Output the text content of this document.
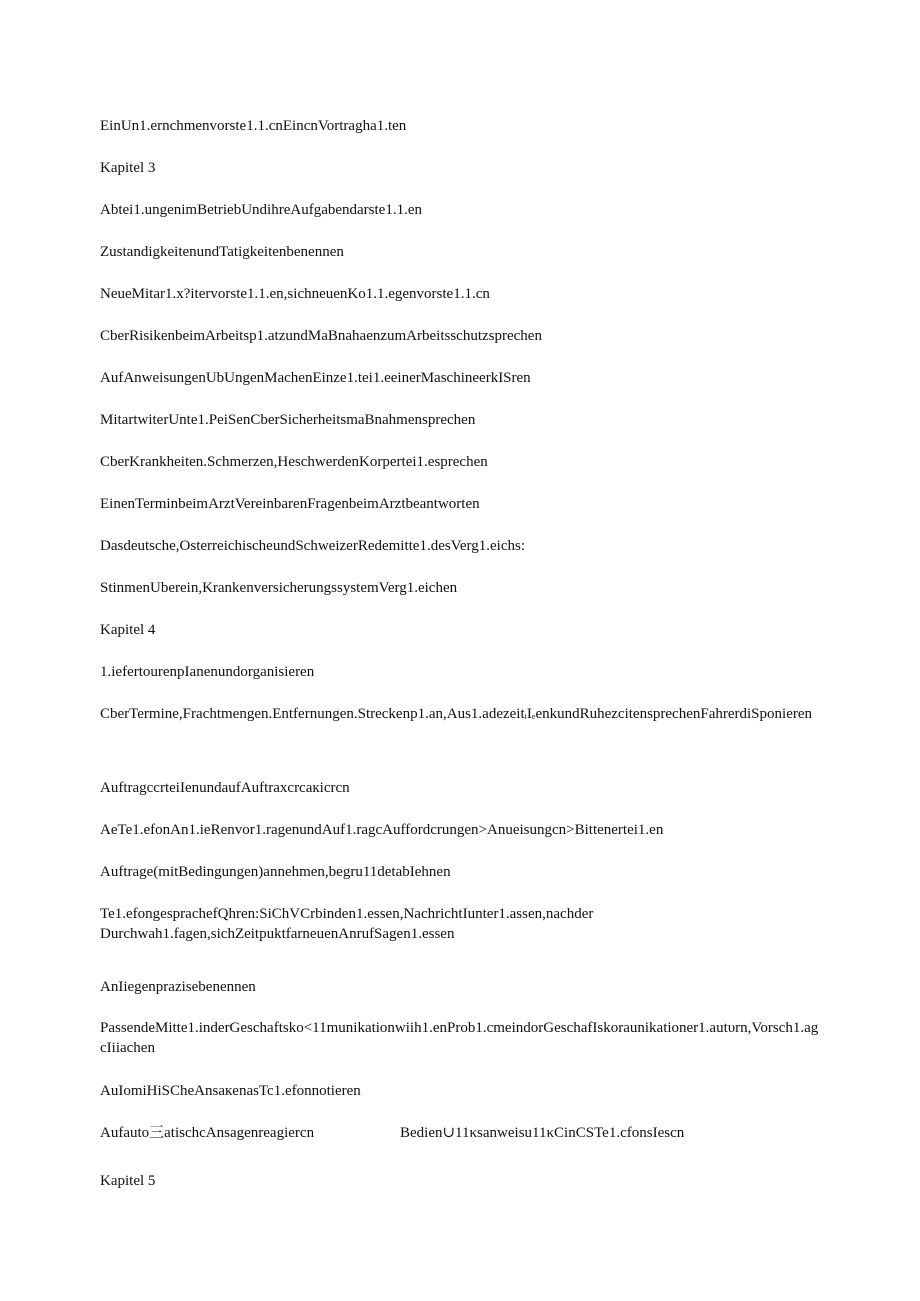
EinUn1.ernchmenvorste1.1.cnEincnVortragha1.ten
Kapitel 3
Abtei1.ungenimBetriebUndihreAufgabendarste1.1.en
ZustandigkeitenundTatigkeitenbenennen
NeueMitar1.x?itervorste1.1.en,sichneuenKo1.1.egenvorste1.1.cn
CberRisikenbeimArbeitsp1.atzundMaBnahaenzumArbeitsschutzsprechen
AufAnweisungenUbUngenMachenEinze1.tei1.eeinerMaschineerkISren
MitartwiterUnte1.PeiSenCberSicherheitsmaBnahmensprechen
CberKrankheiten.Schmerzen,HeschwerdenKorpertei1.esprechen
EinenTerminbeimArztVereinbarenFragenbeimArztbeantworten
Dasdeutsche,OsterreichischeundSchweizerRedemitte1.desVerg1.eichs:
StinmenUberein,KrankenversicherungssystemVerg1.eichen
Kapitel 4
1.iefertourenpIanenundorganisieren
$CberTermine,Frachtmengen.Entfernungen.Streckenp1.an,Aus1.adezeit_tI_eenkundRuhezcitensprechenFahrerdiSponieren$
AuftragccrteiIenundaufAuftraxcrcaкicrcn
AeTe1.efonAn1.ieRenvor1.ragenundAuf1.ragcAuffordcrungen>Anueisungcn>Bittenertei1.en
Auftrage(mitBedingungen)annehmen,begru11detabIehnen
Te1.efongesprachefQhren:SiChVCrbinden1.essen,NachrichtIunter1.assen,nachder Durchwah1.fagen,sichZeitpuktfarneuenAnrufSagen1.essen
AnIiegenprazisebenennen
PassendeMitte1.inderGeschaftsko<11munikationwiih1.enProb1.cmeindorGeschafIskoraunikationer1.autυrn,Vorsch1.agcIiiachen
AuIomiHiSCheAnsaкenasTc1.efonnotieren
Aufauto三atischcAnsagenreagiercn	Bedien∪11κsanweisu11κCinCSTe1.cfonsIescn
Kapitel 5
